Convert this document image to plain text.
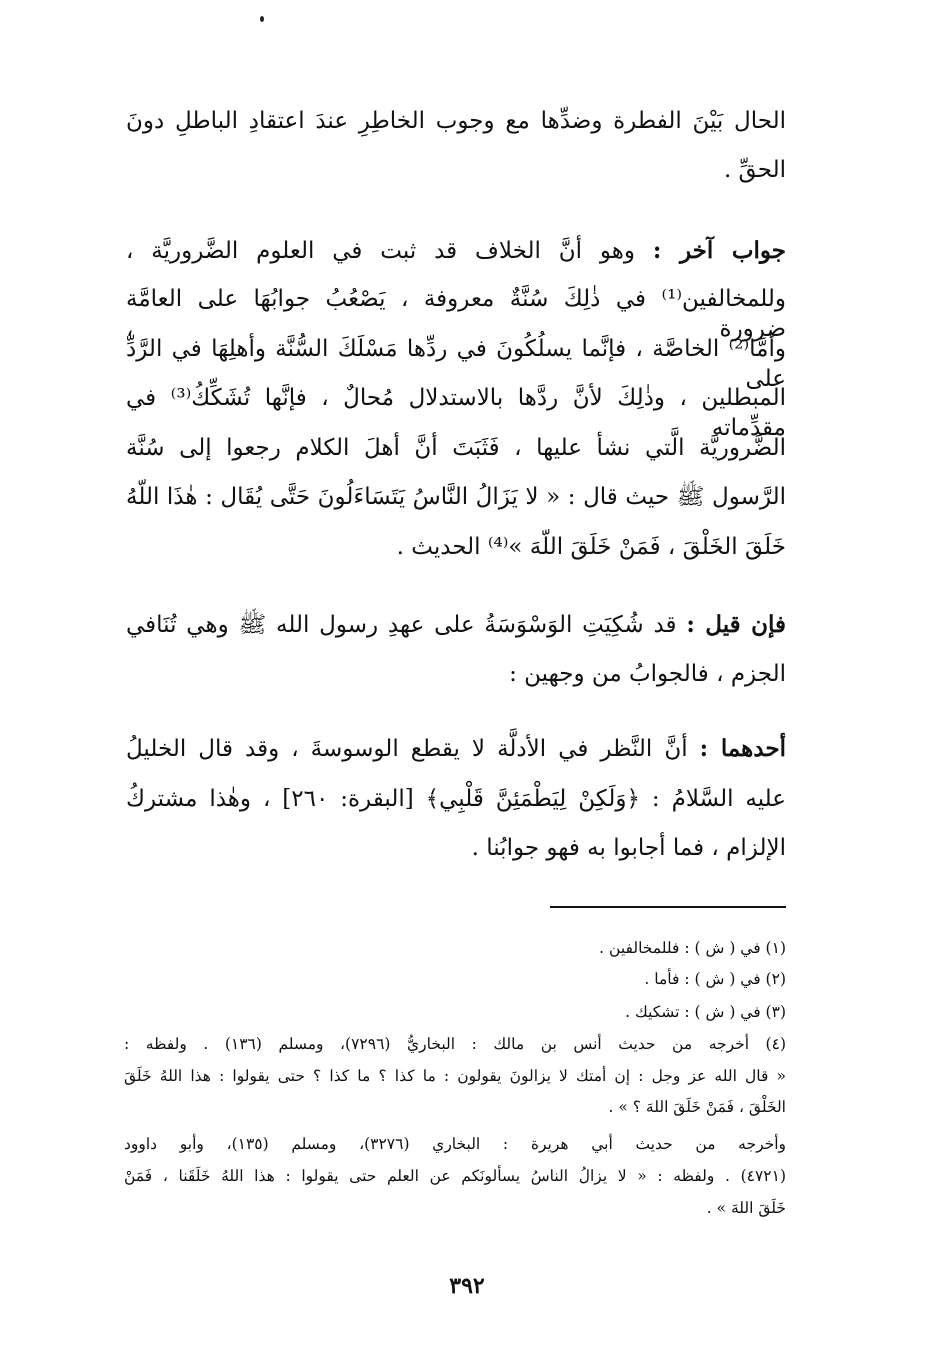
الحال بَيْنَ الفطرة وضدِّها مع وجوب الخاطِرِ عندَ اعتقادِ الباطلِ دونَ
الحقِّ .
جواب آخر : وهو أنَّ الخلاف قد ثبت في العلوم الضَّروريَّة ،
وللمخالفين⁽¹⁾ في ذٰلِكَ سُنَّةٌ معروفة ، يَصْعُبُ جوابُهَا على العامَّة ضرورة ،
وأمَّا⁽²⁾ الخاصَّة ، فإنَّما يسلُكُونَ في ردِّها مَسْلَكَ السُّنَّة وأهلِهَا في الرَّدِّ على
المبطلين ، وذٰلِكَ لأنَّ ردَّها بالاستدلال مُحالٌ ، فإنَّها تُشَكِّكُ⁽³⁾ في مقدِّماته
الضَّروريَّة الَّتي نشأ عليها ، فَثَبَتَ أنَّ أهلَ الكلام رجعوا إلى سُنَّة
الرَّسول ﷺ حيث قال : « لا يَزَالُ النَّاسُ يَتَسَاءَلُونَ حَتَّى يُقَال : هٰذَا اللّهُ
خَلَقَ الخَلْقَ ، فَمَنْ خَلَقَ اللّهَ »⁽⁴⁾ الحديث .
فإن قيل : قد شُكِيَتِ الوَسْوَسَةُ على عهدِ رسول الله ﷺ وهي تُنَافي
الجزم ، فالجوابُ من وجهين :
أحدهما : أنَّ النَّظر في الأدلَّة لا يقطع الوسوسةَ ، وقد قال الخليلُ
عليه السَّلامُ : ﴿وَلَكِنْ لِيَطْمَئِنَّ قَلْبِي﴾ [البقرة: ٢٦٠] ، وهٰذا مشتركُ
الإلزام ، فما أجابوا به فهو جوابُنا .
(١) في ( ش ) : فللمخالفين .
(٢) في ( ش ) : فأما .
(٣) في ( ش ) : تشكيك .
(٤) أخرجه من حديث أنس بن مالك : البخاريُّ (٧٢٩٦)، ومسلم (١٣٦) . ولفظه :
« قال الله عز وجل : إن أمتك لا يزالونَ يقولون : ما كذا ؟ ما كذا ؟ حتى يقولوا : هذا اللهُ خَلَقَ
الخَلْقَ ، فَمَنْ خَلَقَ اللهَ ؟ » .
وأخرجه من حديث أبي هريرة : البخاري (٣٢٧٦)، ومسلم (١٣٥)، وأبو داوود
(٤٧٢١) . ولفظه : « لا يزالُ الناسُ يسألونَكم عن العلم حتى يقولوا : هذا اللهُ خَلَقَنا ، فَمَنْ
خَلَقَ اللهَ » .
٣٩٢
